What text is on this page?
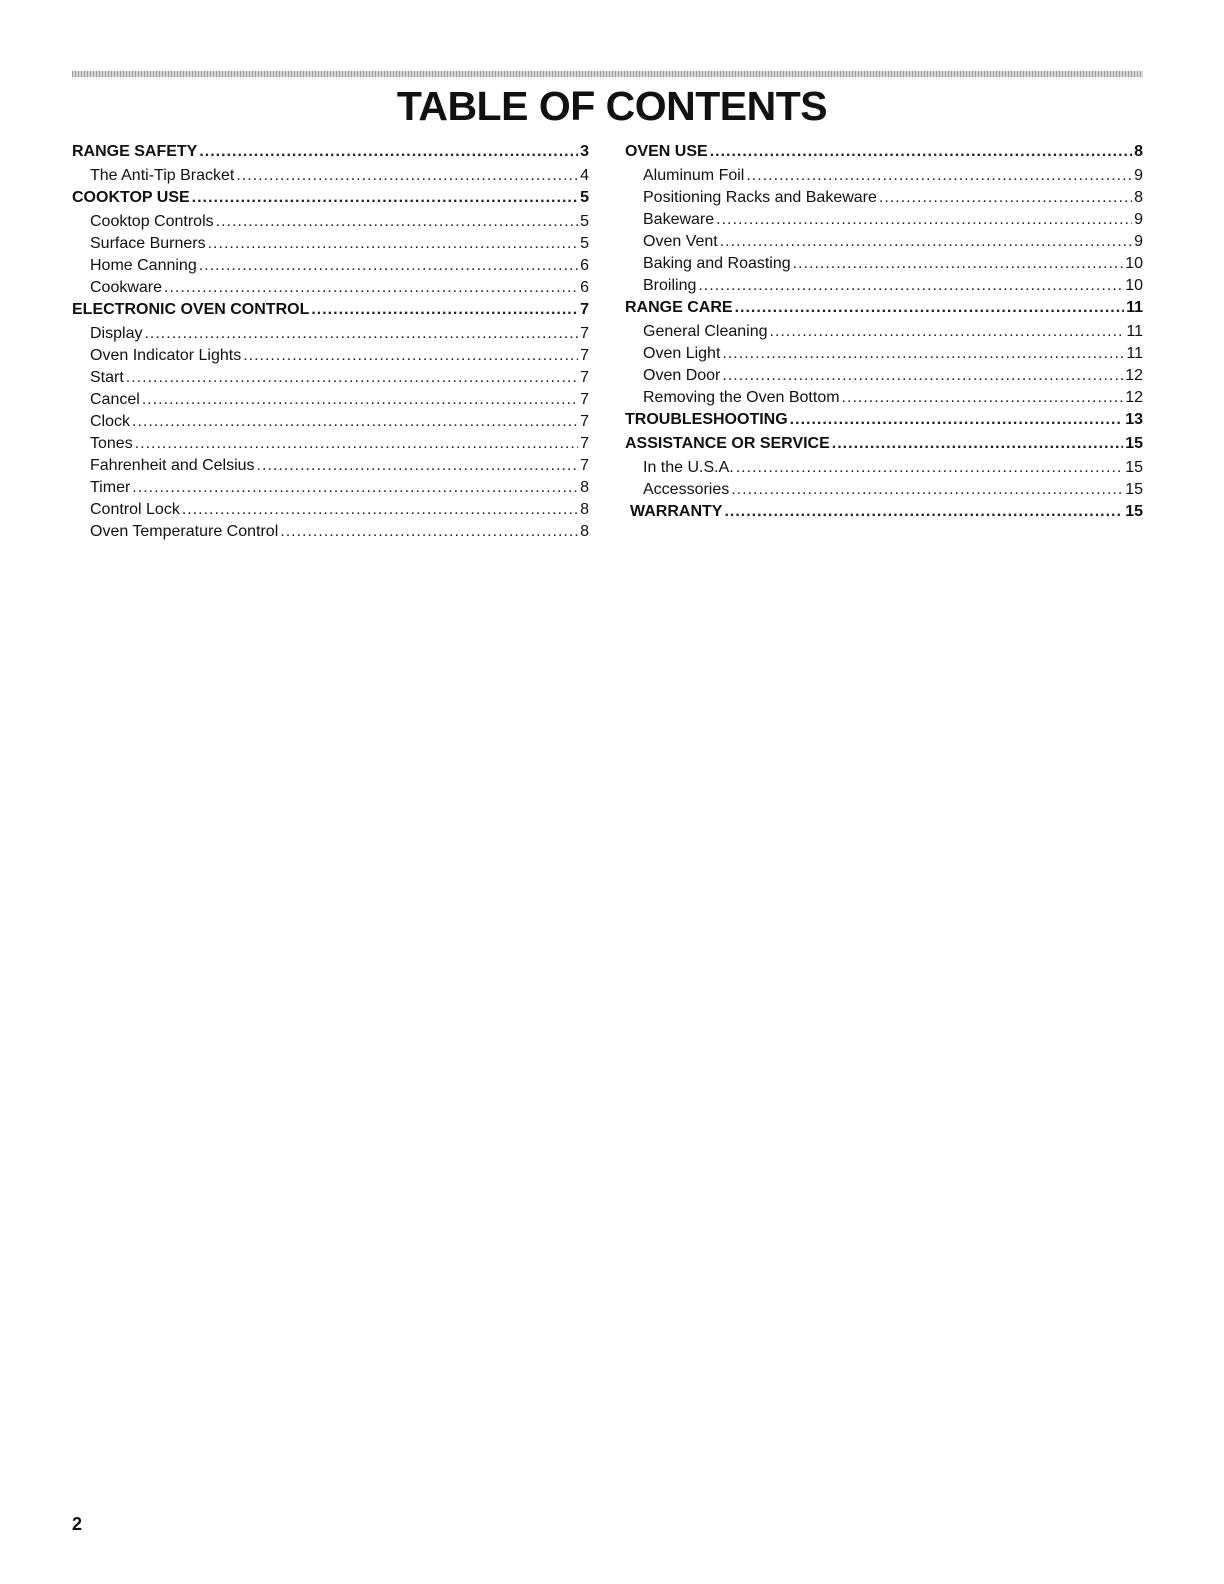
TABLE OF CONTENTS
RANGE SAFETY .....	3
The Anti-Tip Bracket .....	4
COOKTOP USE .....	5
Cooktop Controls .....	5
Surface Burners .....	5
Home Canning .....	6
Cookware .....	6
ELECTRONIC OVEN CONTROL .....	7
Display .....	7
Oven Indicator Lights .....	7
Start .....	7
Cancel .....	7
Clock .....	7
Tones .....	7
Fahrenheit and Celsius .....	7
Timer .....	8
Control Lock .....	8
Oven Temperature Control .....	8
OVEN USE .....	8
Aluminum Foil .....	9
Positioning Racks and Bakeware .....	8
Bakeware .....	9
Oven Vent .....	9
Baking and Roasting .....	10
Broiling .....	10
RANGE CARE .....	11
General Cleaning .....	11
Oven Light .....	11
Oven Door .....	12
Removing the Oven Bottom .....	12
TROUBLESHOOTING .....	13
ASSISTANCE OR SERVICE .....	15
In the U.S.A. .....	15
Accessories .....	15
WARRANTY .....	15
2
